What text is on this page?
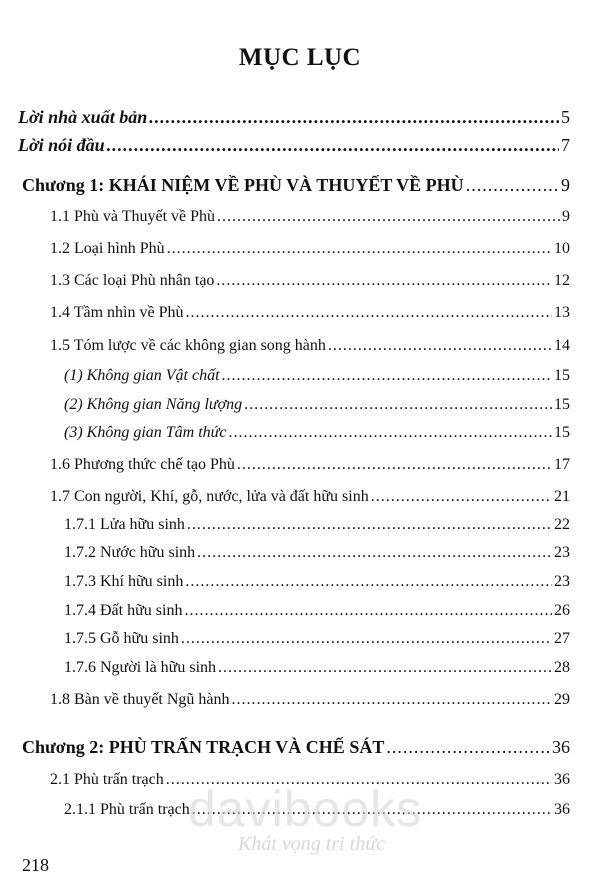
MỤC LỤC
Lời nhà xuất bản .....	5
Lời nói đầu .....	7
Chương 1: KHÁI NIỆM VỀ PHÙ VÀ THUYẾT VỀ PHÙ .....	9
1.1 Phù và Thuyết về Phù .....	9
1.2 Loại hình Phù .....	10
1.3 Các loại Phù nhân tạo .....	12
1.4 Tầm nhìn về Phù .....	13
1.5 Tóm lược về các không gian song hành .....	14
(1) Không gian Vật chất .....	15
(2) Không gian Năng lượng .....	15
(3) Không gian Tâm thức .....	15
1.6 Phương thức chế tạo Phù .....	17
1.7 Con người, Khí, gỗ, nước, lửa và đất hữu sinh .....	21
1.7.1 Lửa hữu sinh .....	22
1.7.2 Nước hữu sinh .....	23
1.7.3 Khí hữu sinh .....	23
1.7.4 Đất hữu sinh .....	26
1.7.5 Gỗ hữu sinh .....	27
1.7.6 Người là hữu sinh .....	28
1.8 Bàn về thuyết Ngũ hành .....	29
Chương 2: PHÙ TRẤN TRẠCH VÀ CHẾ SÁT .....	36
2.1 Phù trấn trạch .....	36
2.1.1 Phù trấn trạch .....	36
davibooks
Khát vọng tri thức
218
